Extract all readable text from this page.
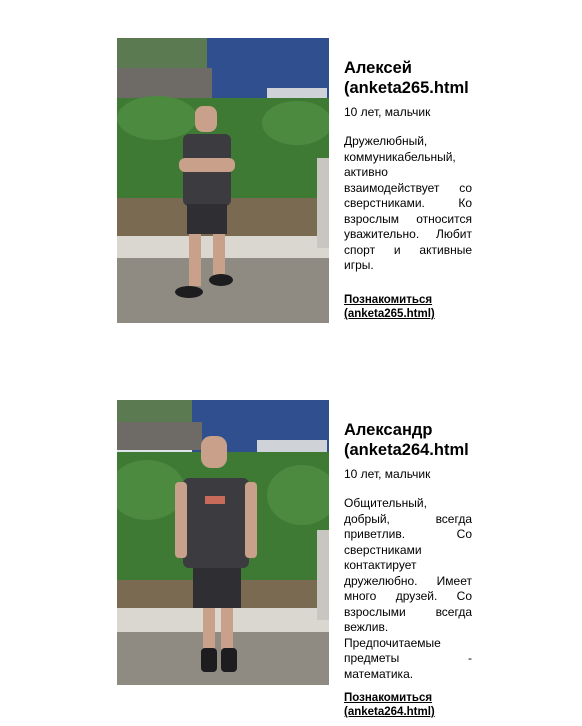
Алексей
(anketa265.html
10 лет, мальчик
Дружелюбный, коммуникабельный, активно взаимодействует со сверстниками. Ко взрослым относится уважительно. Любит спорт и активные игры.
Познакомиться
(anketa265.html)
Александр
(anketa264.html
10 лет, мальчик
Общительный, добрый, всегда приветлив. Со сверстниками контактирует дружелюбно. Имеет много друзей. Со взрослыми всегда вежлив. Предпочитаемые предметы - математика.
Познакомиться
(anketa264.html)
